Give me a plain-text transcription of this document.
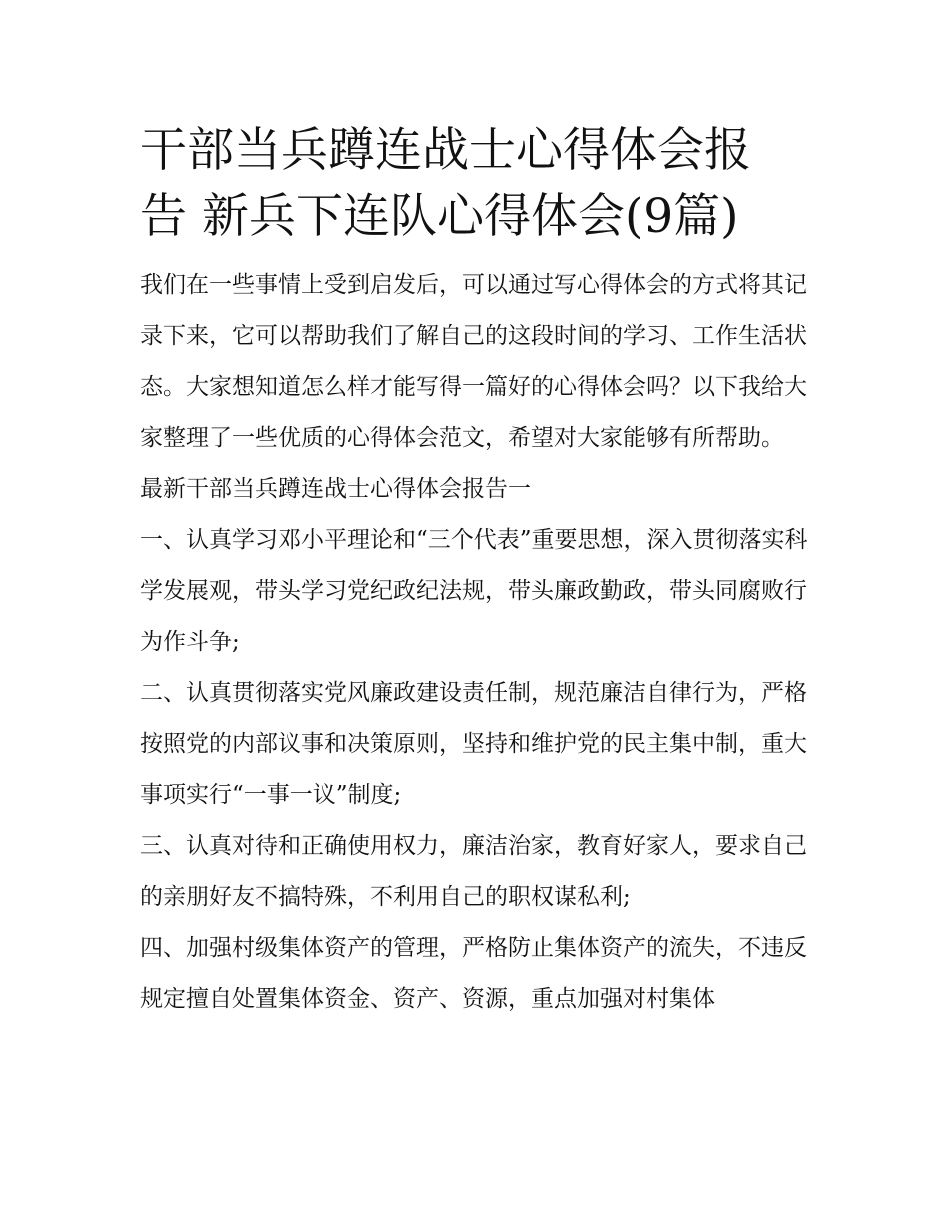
干部当兵蹲连战士心得体会报
告 新兵下连队心得体会(9篇)

我们在一些事情上受到启发后，可以通过写心得体会的方式将其记录下来，它可以帮助我们了解自己的这段时间的学习、工作生活状态。大家想知道怎么样才能写得一篇好的心得体会吗？以下我给大家整理了一些优质的心得体会范文，希望对大家能够有所帮助。

最新干部当兵蹲连战士心得体会报告一

一、认真学习邓小平理论和“三个代表”重要思想，深入贯彻落实科学发展观，带头学习党纪政纪法规，带头廉政勤政，带头同腐败行为作斗争;

二、认真贯彻落实党风廉政建设责任制，规范廉洁自律行为，严格按照党的内部议事和决策原则，坚持和维护党的民主集中制，重大事项实行“一事一议”制度;

三、认真对待和正确使用权力，廉洁治家，教育好家人，要求自己的亲朋好友不搞特殊，不利用自己的职权谋私利;

四、加强村级集体资产的管理，严格防止集体资产的流失，不违反规定擅自处置集体资金、资产、资源，重点加强对村集体
